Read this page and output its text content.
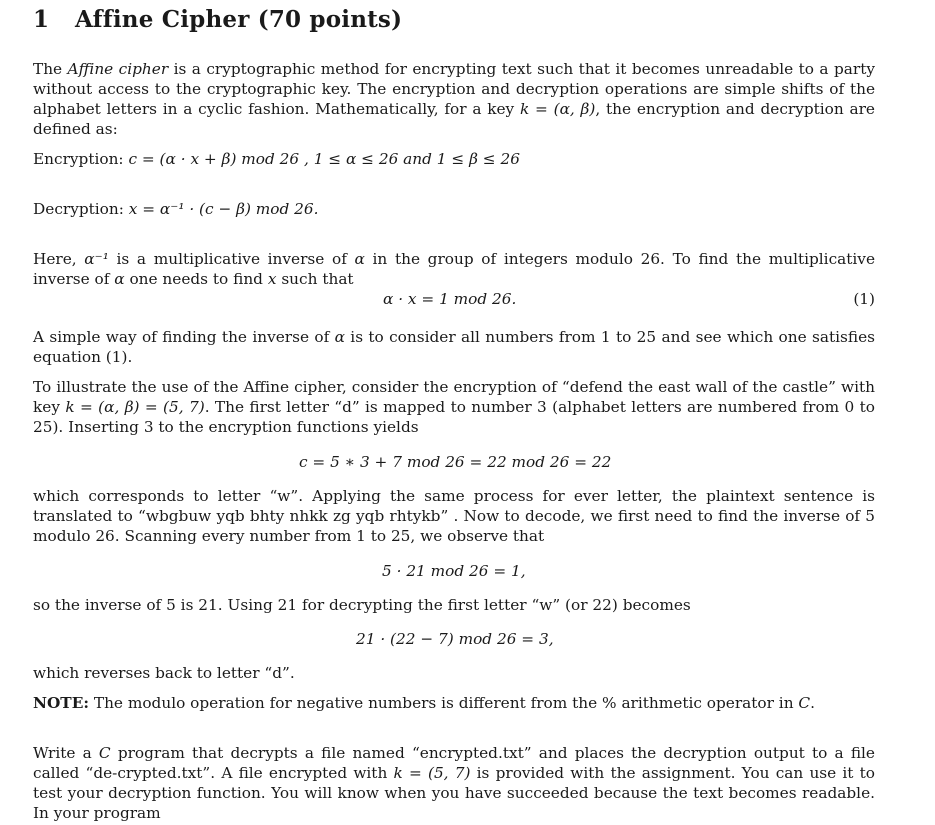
1 Affine Cipher (70 points)

The Affine cipher is a cryptographic method for encrypting text such that it becomes unreadable to a party without access to the cryptographic key. The encryption and decryption operations are simple shifts of the alphabet letters in a cyclic fashion. Mathematically, for a key k = (α, β), the encryption and decryption are defined as:

Encryption: c = (α · x + β) mod 26 , 1 ≤ α ≤ 26 and 1 ≤ β ≤ 26
Decryption: x = α⁻¹ · (c − β) mod 26.

Here, α⁻¹ is a multiplicative inverse of α in the group of integers modulo 26. To find the multiplicative inverse of α one needs to find x such that

α · x = 1 mod 26.	(1)

A simple way of finding the inverse of α is to consider all numbers from 1 to 25 and see which one satisfies equation (1).

To illustrate the use of the Affine cipher, consider the encryption of “defend the east wall of the castle” with key k = (α, β) = (5, 7). The first letter “d” is mapped to number 3 (alphabet letters are numbered from 0 to 25). Inserting 3 to the encryption functions yields

c = 5 ∗ 3 + 7 mod 26 = 22 mod 26 = 22

which corresponds to letter “w”. Applying the same process for ever letter, the plaintext sentence is translated to “wbgbuw yqb bhty nhkk zg yqb rhtykb” . Now to decode, we first need to find the inverse of 5 modulo 26. Scanning every number from 1 to 25, we observe that

5 · 21 mod 26 = 1,

so the inverse of 5 is 21. Using 21 for decrypting the first letter “w” (or 22) becomes

21 · (22 − 7) mod 26 = 3,

which reverses back to letter “d”.

NOTE: The modulo operation for negative numbers is different from the % arithmetic operator in C.

Write a C program that decrypts a file named “encrypted.txt” and places the decryption output to a file called “de-crypted.txt”. A file encrypted with k = (5, 7) is provided with the assignment. You can use it to test your decryption function. You will know when you have succeeded because the text becomes readable. In your program
